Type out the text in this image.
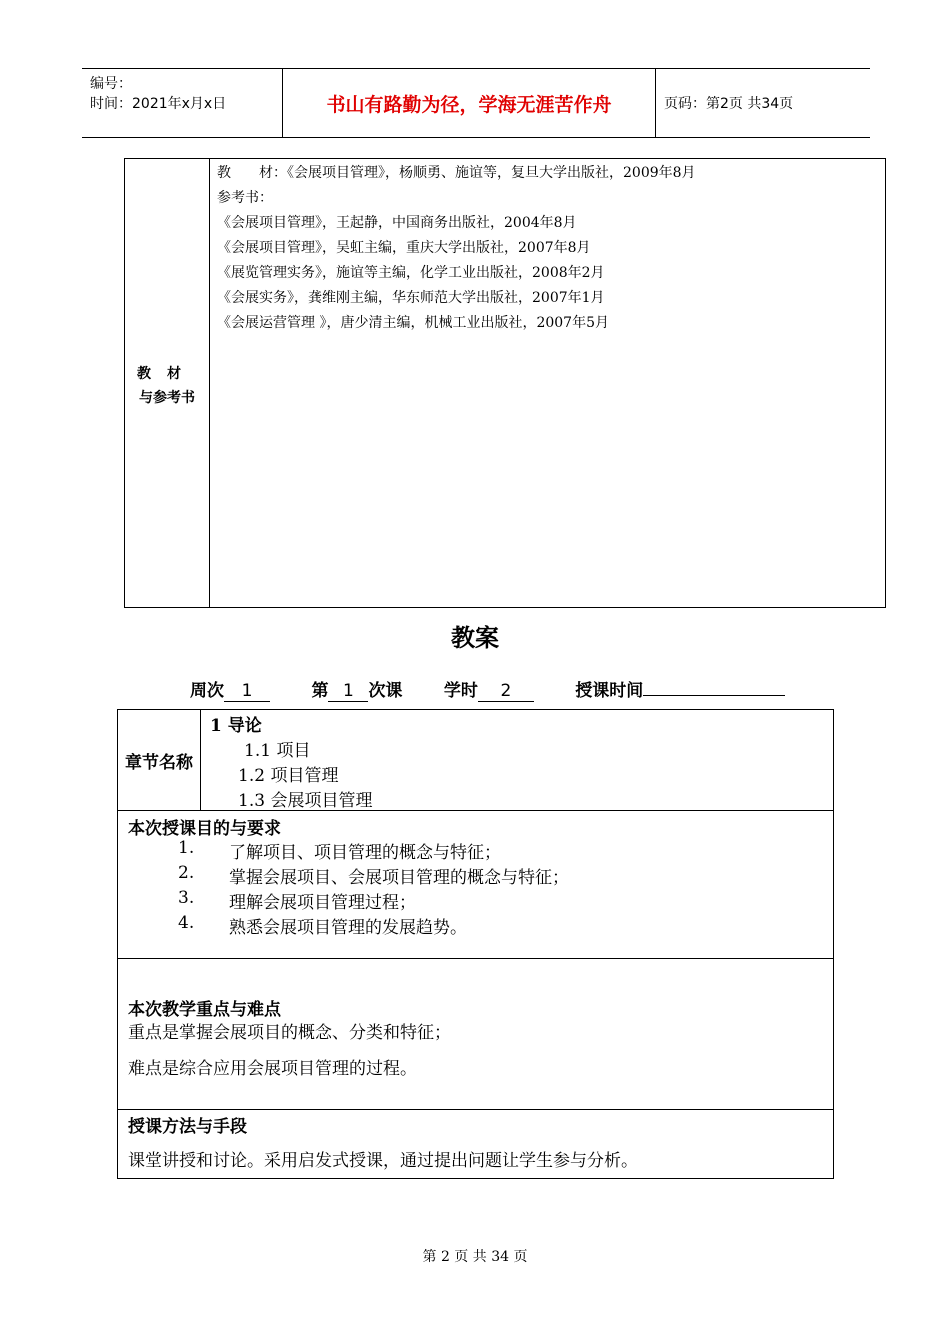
编号：
时间：2021年x月x日	书山有路勤为径，学海无涯苦作舟	页码：第2页 共34页
教材
与参考书
教　　材：《会展项目管理》，杨顺勇、施谊等，复旦大学出版社，2009年8月
参考书：
《会展项目管理》，王起静，中国商务出版社，2004年8月
《会展项目管理》，吴虹主编，重庆大学出版社，2007年8月
《展览管理实务》，施谊等主编，化学工业出版社，2008年2月
《会展实务》，龚维刚主编，华东师范大学出版社，2007年1月
《会展运营管理 》，唐少清主编，机械工业出版社，2007年5月
教案
周次 1	第 1 次课 学时 2	授课时间
章节名称
1 导论
1.1 项目
1.2 项目管理
1.3 会展项目管理
本次授课目的与要求
1. 了解项目、项目管理的概念与特征；
2. 掌握会展项目、会展项目管理的概念与特征；
3. 理解会展项目管理过程；
4. 熟悉会展项目管理的发展趋势。
本次教学重点与难点
重点是掌握会展项目的概念、分类和特征；
难点是综合应用会展项目管理的过程。
授课方法与手段
课堂讲授和讨论。采用启发式授课，通过提出问题让学生参与分析。
第 2 页 共 34 页
